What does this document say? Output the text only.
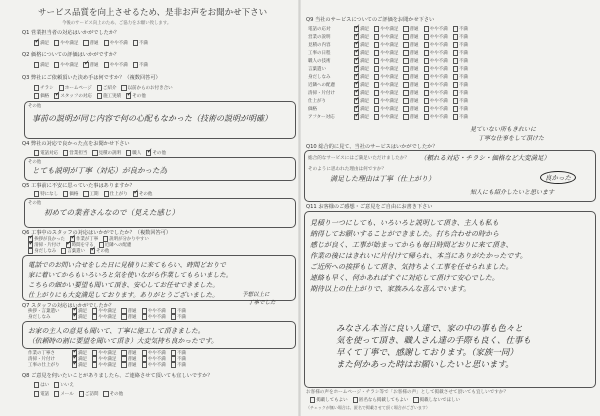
サービス品質を向上させるため、是非お声をお聞かせ下さい
今後のサービス向上のため、ご協力をお願い致します。
Q1 営業担当者の対応はいかがでしたか？
✓
満足 やや満足 普通 やや不満 不満
Q2 価格についての評価はいかがですか？
満足 やや満足 ✓ 普通 やや不満 不満
Q3 弊社にご依頼頂いた決め手は何ですか？（複数回答可）
チラシ ホームページ ご紹介 以前からのお付き合い
価格 ✓ スタッフの対応 施工実績 ✓ その他
その他
事前の説明が同じ内容で何の心配もなかった（技術の説明が明確）
Q4 弊社の対応で良かった点をお聞かせ下さい
電話対応 営業担当 見積の説明 職人 ✓ その他
その他
とても説明が丁寧（対応）が良かった為
Q5 工事前に不安に思っていた事はありますか？
特になし 価格 工期 仕上がり ✓ その他
その他
初めての業者さんなので（見えた感じ）
Q6 工事中のスタッフの対応はいかがでしたか？（複数回答可）
✓
挨拶が良かった ✓	作業が丁寧	説明が分かりやすい
✓
清掃・片付け ✓	時間を守る	近隣への配慮
身だしなみ	言葉遣い ✓	その他
電話でのお問い合せをした日に見積りに来てもらい、時間どおりで
家に着いてからもいろいろと気を使いながら作業してもらいました。
こちらの細かい要望も聞いて頂き、安心してお任せできました。
仕上がりにも大変満足しております。ありがとうございました。
Q7 スタッフの対応はいかがでしたか？
予想以上に
丁寧でした
挨拶・言葉遣い ✓	満足 やや満足 普通 やや不満 不満
身だしなみ ✓	満足 やや満足 普通 やや不満 不満
お家の主人の意見も聞いて、丁寧に施工して頂きました。
（依頼時の割に要望を聞いて頂き）大変気持ち良かったです。
作業の丁寧さ ✓	満足 やや満足 普通 やや不満 不満
清掃・片付け ✓	満足 やや満足 普通 やや不満 不満
工事の仕上がり ✓	満足 やや満足 普通 やや不満 不満
Q8 ご意見を伺いたいことがありましたら、ご連絡させて頂いても宜しいですか？
はい いいえ
電話 メール ご訪問 その他
Q9 当社のサービスについてのご評価をお聞かせ下さい
電話の応対 ✓	満足 やや満足 普通 やや不満 不満
営業の説明 ✓	満足 やや満足 普通 やや不満 不満
見積の内容 ✓	満足 やや満足 普通 やや不満 不満
工事の日程 ✓	満足 やや満足 普通 やや不満 不満
職人の技術 ✓	満足 やや満足 普通 やや不満 不満
言葉遣い ✓	満足 やや満足 普通 やや不満 不満
身だしなみ ✓	満足 やや満足 普通 やや不満 不満
近隣への配慮 ✓	満足 やや満足 普通 やや不満 不満
清掃・片付け ✓	満足 やや満足 普通 やや不満 不満
仕上がり ✓	満足 やや満足 普通 やや不満 不満
価格 ✓	満足 やや満足 普通 やや不満 不満
アフター対応 ✓	満足 やや満足 普通 やや不満 不満
見ていない所もきれいに
丁寧な仕事をして頂けた
Q10 総合的に見て、当社のサービスはいかがでしたか？
総合的なサービスにはご満足いただけましたか？ （頼れる対応・チラシ・価格など大変満足）
そのように思われた理由は何ですか？
満足した理由は丁寧（仕上がり）	良かった
知人にも紹介したいと思います
Q11 お客様のご感想・ご意見をご自由にお書き下さい
見積り一つにしても、いろいろと説明して頂き、主人も私も
納得してお願いすることができました。打ち合わせの時から
感じが良く、工事が始まってからも毎日時間どおりに来て頂き、
作業の後にはきれいに片付けて帰られ、本当にありがたかったです。
ご近所への挨拶もして頂き、気持ちよく工事を任せられました。
連絡も早く、何かあればすぐに対応して頂けて安心でした。
期待以上の仕上がりで、家族みんな喜んでいます。
みなさん本当に良い人達で、家の中の事も色々と
気を使って頂き、職人さん達の手際も良く、仕事も
早くて丁寧で、感謝しております。（家族一同）
また何かあった時はお願いしたいと思います。
お客様の声をホームページ・チラシ等で「お客様の声」として掲載させて頂いても宜しいですか？
掲載してもよい 匿名なら掲載してもよい 掲載しないでほしい
（チェックが無い場合は、匿名で掲載させて頂く場合がございます）
